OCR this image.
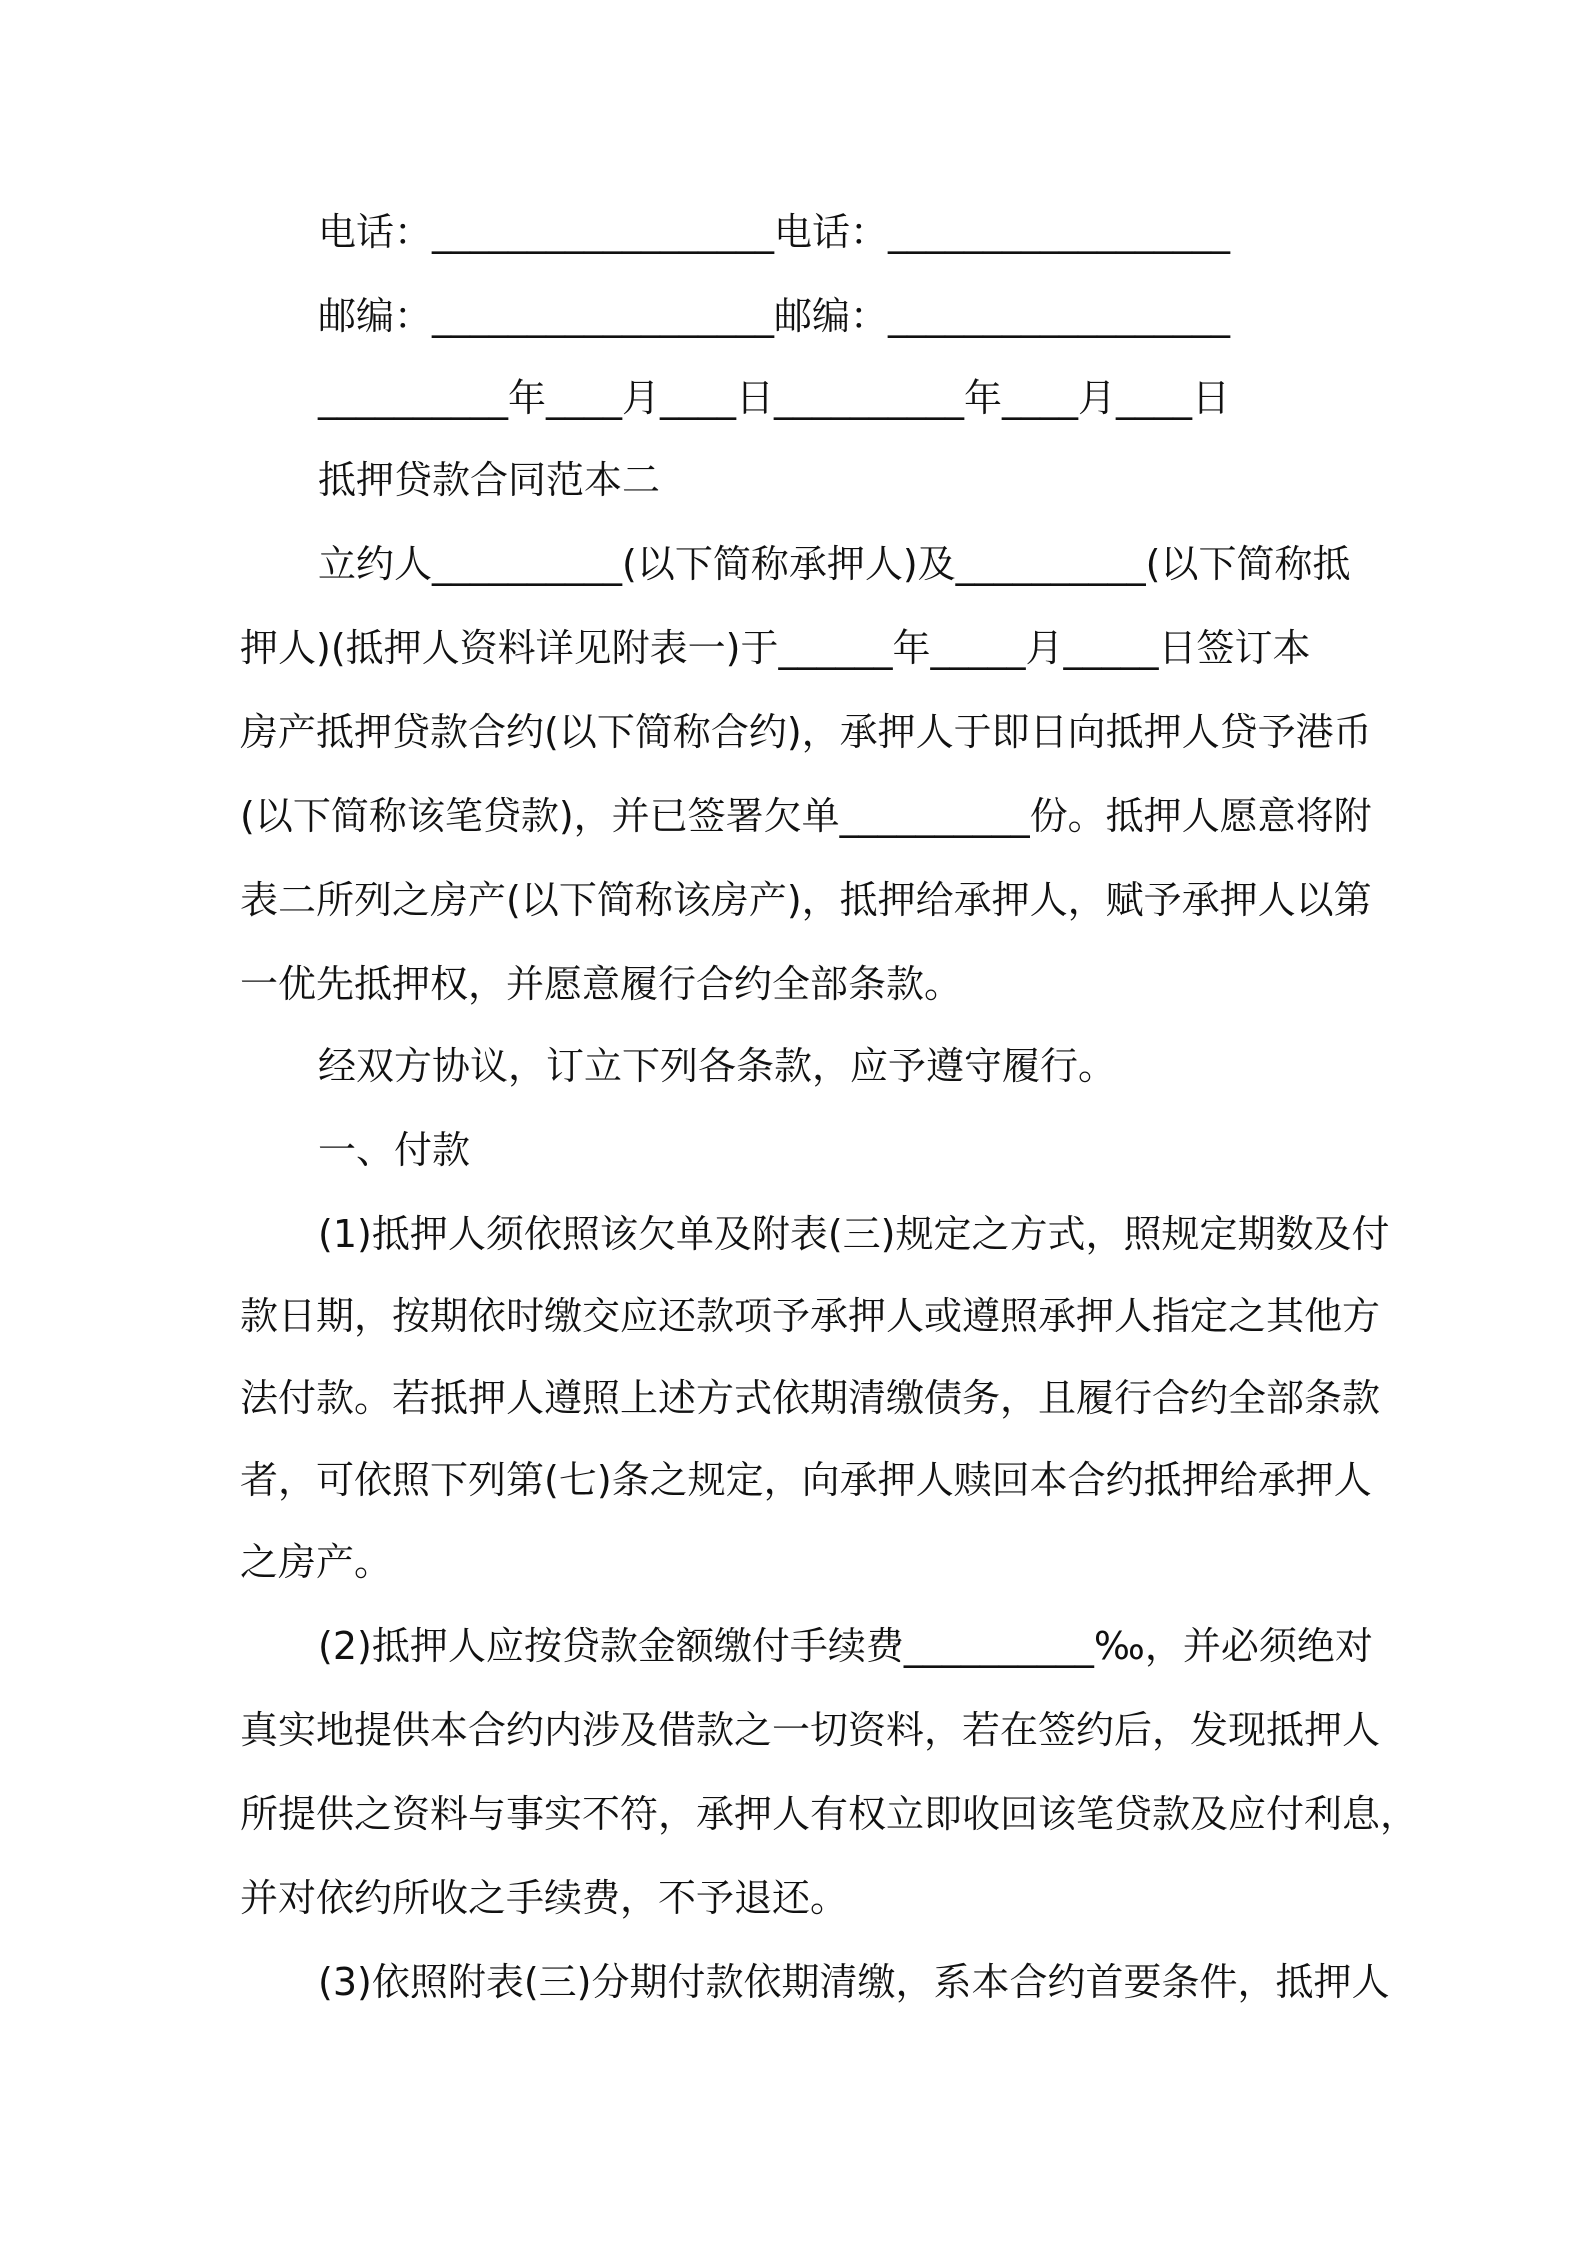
电话：__________________电话：__________________
邮编：__________________邮编：__________________
__________年____月____日__________年____月____日
抵押贷款合同范本二
立约人__________(以下简称承押人)及__________(以下简称抵
押人)(抵押人资料详见附表一)于______年_____月_____日签订本
房产抵押贷款合约(以下简称合约)，承押人于即日向抵押人贷予港币
(以下简称该笔贷款)，并已签署欠单__________份。抵押人愿意将附
表二所列之房产(以下简称该房产)，抵押给承押人，赋予承押人以第
一优先抵押权，并愿意履行合约全部条款。
经双方协议，订立下列各条款，应予遵守履行。
一、付款
(1)抵押人须依照该欠单及附表(三)规定之方式，照规定期数及付
款日期，按期依时缴交应还款项予承押人或遵照承押人指定之其他方
法付款。若抵押人遵照上述方式依期清缴债务，且履行合约全部条款
者，可依照下列第(七)条之规定，向承押人赎回本合约抵押给承押人
之房产。
(2)抵押人应按贷款金额缴付手续费__________‰，并必须绝对
真实地提供本合约内涉及借款之一切资料，若在签约后，发现抵押人
所提供之资料与事实不符，承押人有权立即收回该笔贷款及应付利息，
并对依约所收之手续费，不予退还。
(3)依照附表(三)分期付款依期清缴，系本合约首要条件，抵押人
